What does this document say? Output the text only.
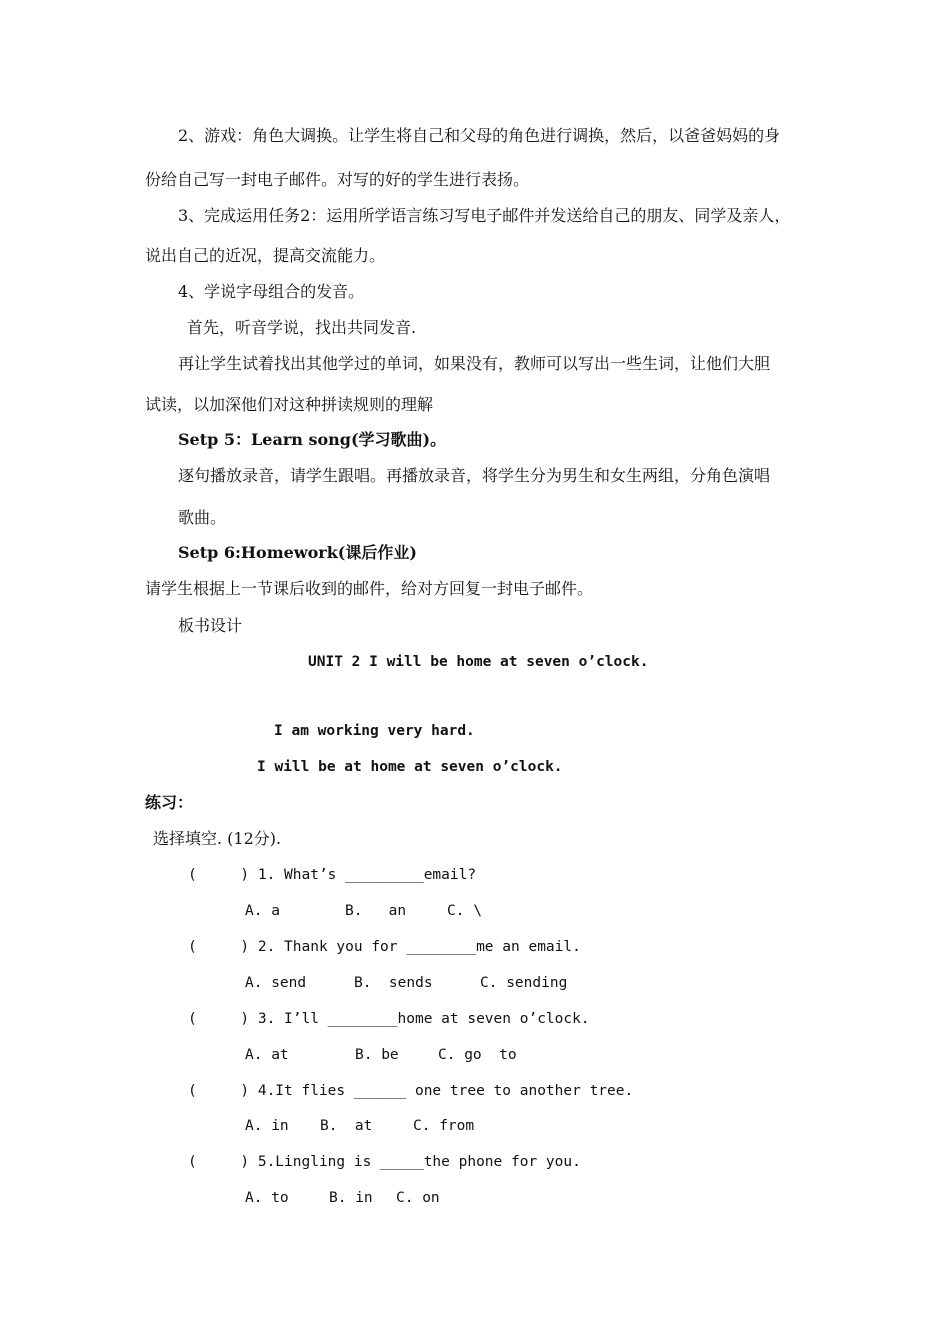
2、游戏：角色大调换。让学生将自己和父母的角色进行调换，然后，以爸爸妈妈的身
份给自己写一封电子邮件。对写的好的学生进行表扬。
3、完成运用任务2：运用所学语言练习写电子邮件并发送给自己的朋友、同学及亲人，
说出自己的近况，提高交流能力。
4、学说字母组合的发音。
首先，听音学说，找出共同发音.
再让学生试着找出其他学过的单词，如果没有，教师可以写出一些生词，让他们大胆
试读，以加深他们对这种拼读规则的理解
Setp 5：Learn song(学习歌曲)。
逐句播放录音，请学生跟唱。再播放录音，将学生分为男生和女生两组，分角色演唱
歌曲。
Setp 6:Homework(课后作业)
请学生根据上一节课后收到的邮件，给对方回复一封电子邮件。
板书设计
UNIT 2 I will be home at seven o’clock.
I am working very hard.
I will be at home at seven o’clock.
练习：
选择填空. (12分).
(     ) 1. What’s _________email?
A. a	B.   an	C. \
(     ) 2. Thank you for ________me an email.
A. send	B.  sends	C. sending
(     ) 3. I’ll ________home at seven o’clock.
A. at	B. be	C. go  to
(     ) 4.It flies ______ one tree to another tree.
A. in B.  at	C. from
(     ) 5.Lingling is _____the phone for you.
A. to	B. in C. on
